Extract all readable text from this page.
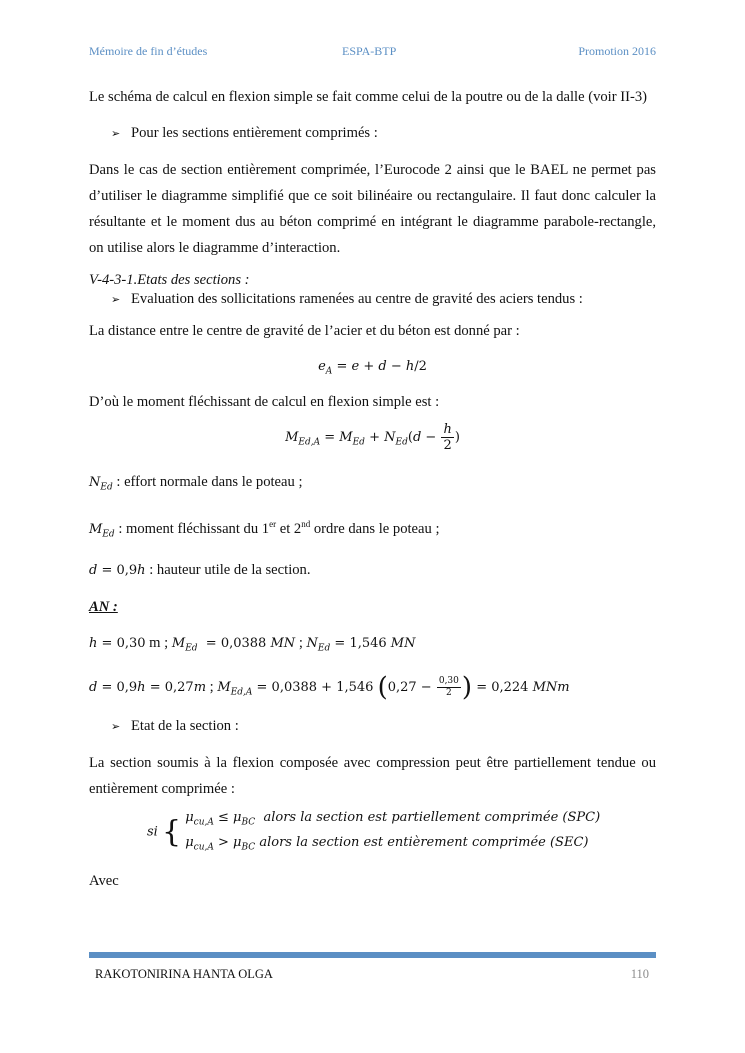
Mémoire de fin d’études	ESPA-BTP	Promotion 2016

Le schéma de calcul en flexion simple se fait comme celui de la poutre ou de la dalle (voir II-3)

➢ Pour les sections entièrement comprimés :

Dans le cas de section entièrement comprimée, l’Eurocode 2 ainsi que le BAEL ne permet pas d’utiliser le diagramme simplifié que ce soit bilinéaire ou rectangulaire. Il faut donc calculer la résultante et le moment dus au béton comprimé en intégrant le diagramme parabole-rectangle, on utilise alors le diagramme d’interaction.

V-4-3-1.Etats des sections :

➢ Evaluation des sollicitations ramenées au centre de gravité des aciers tendus :

La distance entre le centre de gravité de l’acier et du béton est donné par :

$e_A = e + d - h/2$

D’où le moment fléchissant de calcul en flexion simple est :

$M_{Ed,A} = M_{Ed} + N_{Ed}(d - \frac{h}{2}$ )

$N_{Ed}$ : effort normale dans le poteau ;

$M_{Ed}$ : moment fléchissant du 1er et 2nd ordre dans le poteau ;

d = 0,9h : hauteur utile de la section.

AN :

h = 0,30 m ; $M_{Ed} = 0,0388$ MN ; $N_{Ed} = 1,546$ MN

d = 0,9h = 0,27m ; $M_{Ed,A} = 0,0388 + 1,546$ ($0,27 - \frac{0,30}{2}$ ) = 0,224 MNm

➢ Etat de la section :

La section soumis à la flexion composée avec compression peut être partiellement tendue ou entièrement comprimée :

si { $\mu_{cu,A} \le \mu_{BC}$ alors la section est partiellement comprimée (SPC)
$\mu_{cu,A} > \mu_{BC}$ alors la section est entièrement comprimée (SEC)

Avec

RAKOTONIRINA HANTA OLGA	110
